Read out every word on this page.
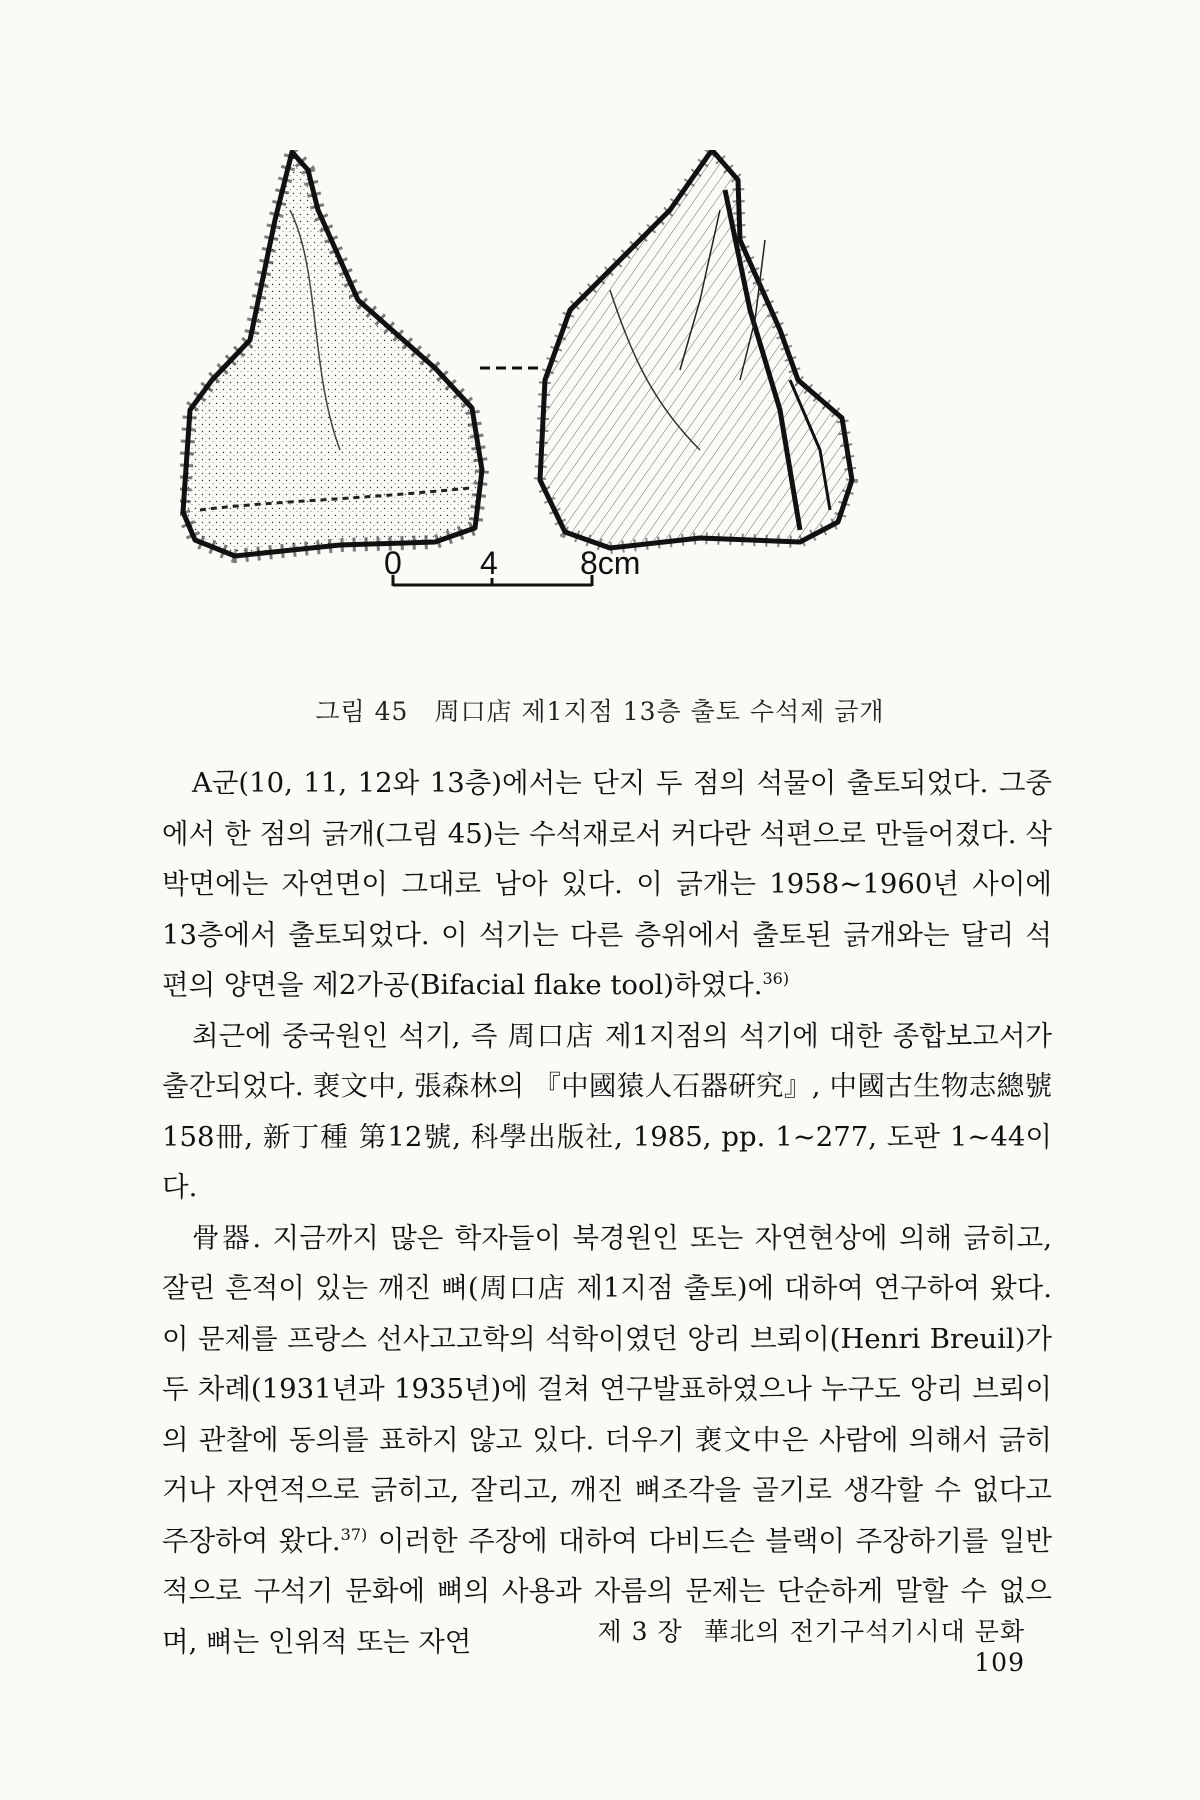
0 4	8cm
그림 45　周口店 제1지점 13층 출토 수석제 긁개

A군(10, 11, 12와 13층)에서는 단지 두 점의 석물이 출토되었다. 그중에서 한 점의 긁개(그림 45)는 수석재로서 커다란 석편으로 만들어졌다. 삭박면에는 자연면이 그대로 남아 있다. 이 긁개는 1958~1960년 사이에 13층에서 출토되었다. 이 석기는 다른 층위에서 출토된 긁개와는 달리 석편의 양면을 제2가공(Bifacial flake tool)하였다.$^{36)}$

최근에 중국원인 석기, 즉 周口店 제1지점의 석기에 대한 종합보고서가 출간되었다. 裵文中, 張森林의 『中國猿人石器硏究』, 中國古生物志總號 158冊, 新丁種 第12號, 科學出版社, 1985, pp. 1~277, 도판 1~44이다.

骨器. 지금까지 많은 학자들이 북경원인 또는 자연현상에 의해 긁히고, 잘린 흔적이 있는 깨진 뼈(周口店 제1지점 출토)에 대하여 연구하여 왔다. 이 문제를 프랑스 선사고고학의 석학이였던 앙리 브뢰이(Henri Breuil)가 두 차례(1931년과 1935년)에 걸쳐 연구발표하였으나 누구도 앙리 브뢰이의 관찰에 동의를 표하지 않고 있다. 더우기 裵文中은 사람에 의해서 긁히거나 자연적으로 긁히고, 잘리고, 깨진 뼈조각을 골기로 생각할 수 없다고 주장하여 왔다.$^{37)}$ 이러한 주장에 대하여 다비드슨 블랙이 주장하기를 일반적으로 구석기 문화에 뼈의 사용과 자름의 문제는 단순하게 말할 수 없으며, 뼈는 인위적 또는 자연	제 3 장 華北의 전기구석기시대 문화 109
